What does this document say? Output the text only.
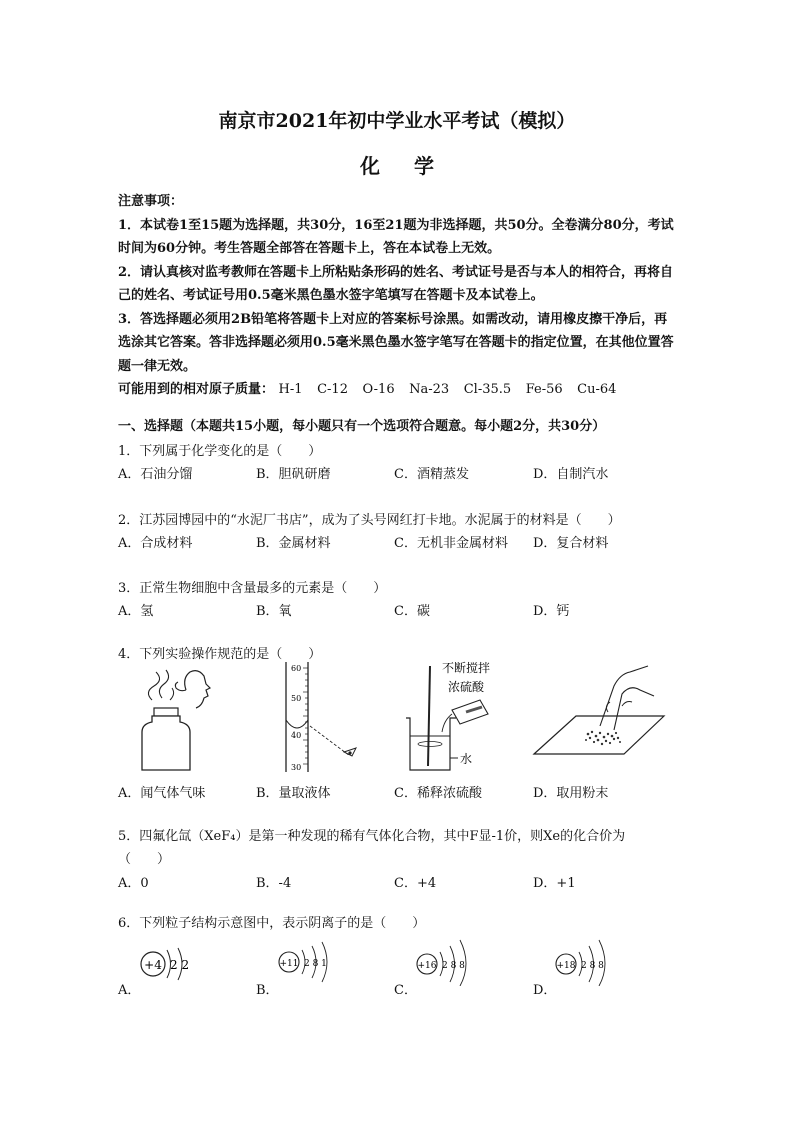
南京市2021年初中学业水平考试（模拟）
化学

注意事项：

1．本试卷1至15题为选择题，共30分，16至21题为非选择题，共50分。全卷满分80分，考试时间为60分钟。考生答题全部答在答题卡上，答在本试卷上无效。

2．请认真核对监考教师在答题卡上所粘贴条形码的姓名、考试证号是否与本人的相符合，再将自己的姓名、考试证号用0.5毫米黑色墨水签字笔填写在答题卡及本试卷上。

3．答选择题必须用2B铅笔将答题卡上对应的答案标号涂黑。如需改动，请用橡皮擦干净后，再选涂其它答案。答非选择题必须用0.5毫米黑色墨水签字笔写在答题卡的指定位置，在其他位置答题一律无效。

可能用到的相对原子质量： H-1 C-12 O-16 Na-23 Cl-35.5 Fe-56 Cu-64

一、选择题（本题共15小题，每小题只有一个选项符合题意。每小题2分，共30分）
1．下列属于化学变化的是（　　）
A．石油分馏	B．胆矾研磨	C．酒精蒸发	D．自制汽水
2．江苏园博园中的“水泥厂书店”，成为了头号网红打卡地。水泥属于的材料是（　　）
A．合成材料	B．金属材料	C．无机非金属材料 D．复合材料
3．正常生物细胞中含量最多的元素是（　　）
A．氢	B．氧	C．碳	D．钙
4．下列实验操作规范的是（　　）
60
50
40
30
不断搅拌
浓硫酸
水
A．闻气体气味	B．量取液体	C．稀释浓硫酸	D．取用粉末
5．四氟化氙（XeF₄）是第一种发现的稀有气体化合物，其中F显-1价，则Xe的化合价为
（　　）
A．0	B．-4	C．+4	D．+1
6．下列粒子结构示意图中，表示阴离子的是（　　）
+4 2 2	+11 2 8 1	+16 2 8 8	+18 2 8 8
A．	B．	C．	D．
